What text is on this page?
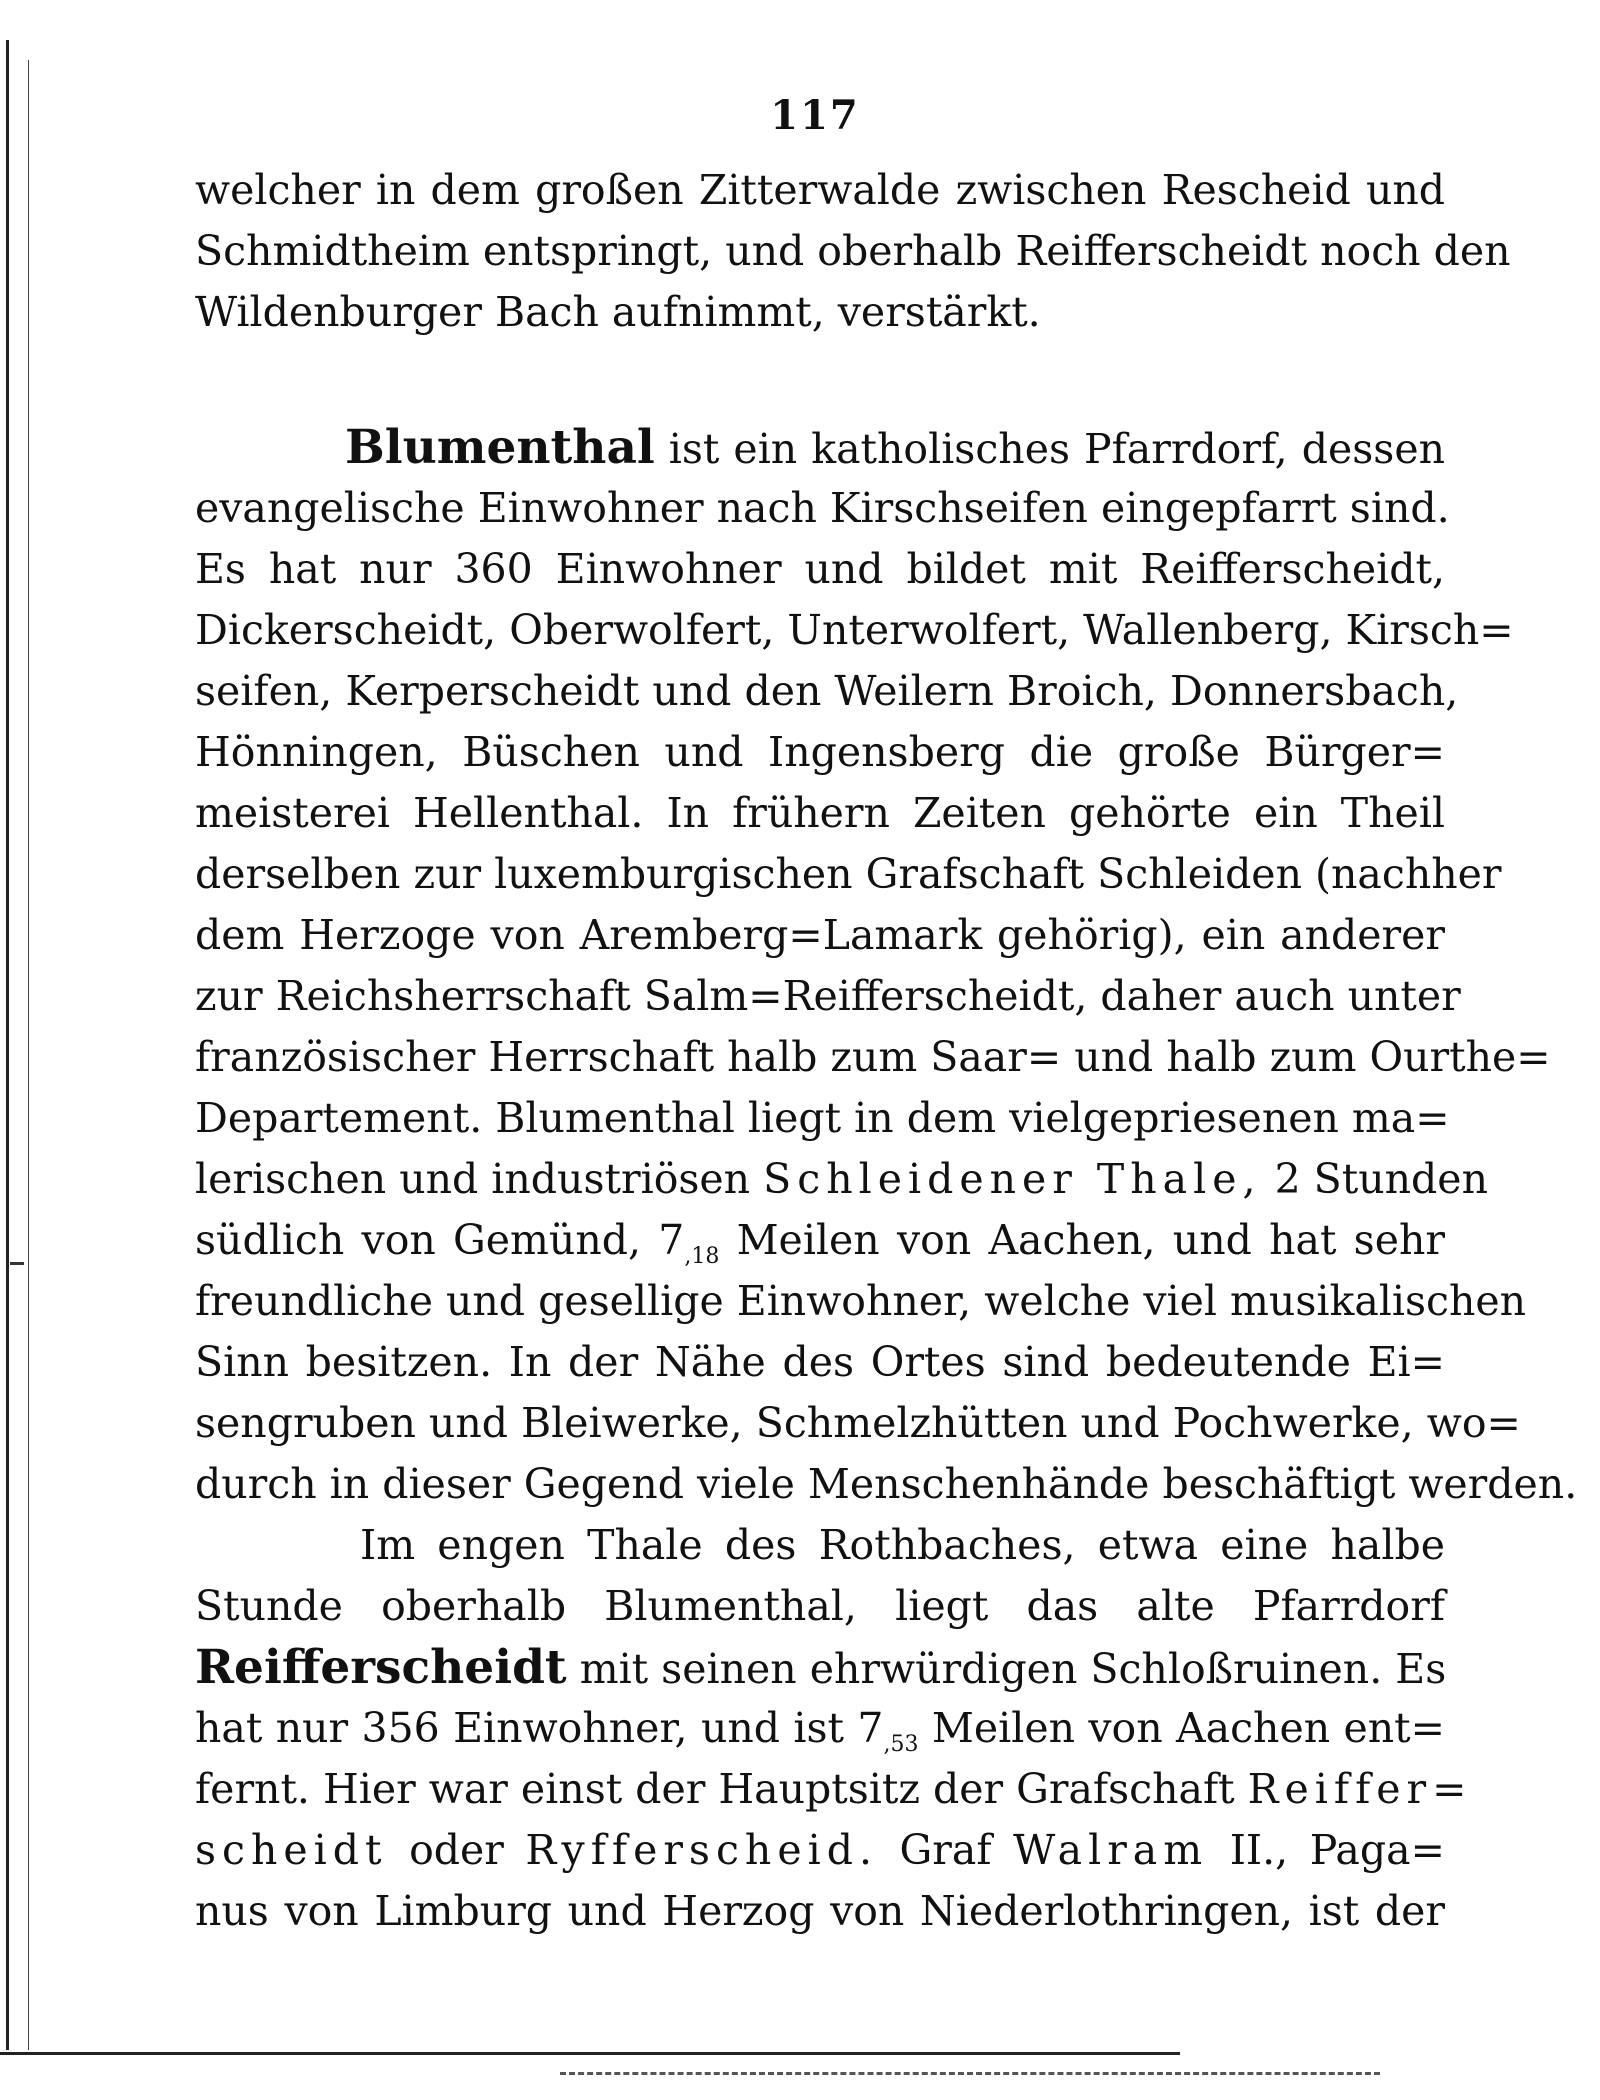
117
welcher in dem großen Zitterwalde zwischen Rescheid und
Schmidtheim entspringt, und oberhalb Reifferscheidt noch den
Wildenburger Bach aufnimmt, verstärkt.
Blumenthal ist ein katholisches Pfarrdorf, dessen
evangelische Einwohner nach Kirschseifen eingepfarrt sind.
Es hat nur 360 Einwohner und bildet mit Reifferscheidt,
Dickerscheidt, Oberwolfert, Unterwolfert, Wallenberg, Kirsch=
seifen, Kerperscheidt und den Weilern Broich, Donnersbach,
Hönningen, Büschen und Ingensberg die große Bürger=
meisterei Hellenthal. In frühern Zeiten gehörte ein Theil
derselben zur luxemburgischen Grafschaft Schleiden (nachher
dem Herzoge von Aremberg=Lamark gehörig), ein anderer
zur Reichsherrschaft Salm=Reifferscheidt, daher auch unter
französischer Herrschaft halb zum Saar= und halb zum Ourthe=
Departement. Blumenthal liegt in dem vielgepriesenen ma=
lerischen und industriösen Schleidener Thale, 2 Stunden
südlich von Gemünd, $7_{,18}$ Meilen von Aachen, und hat sehr
freundliche und gesellige Einwohner, welche viel musikalischen
Sinn besitzen. In der Nähe des Ortes sind bedeutende Ei=
sengruben und Bleiwerke, Schmelzhütten und Pochwerke, wo=
durch in dieser Gegend viele Menschenhände beschäftigt werden.
Im engen Thale des Rothbaches, etwa eine halbe
Stunde oberhalb Blumenthal, liegt das alte Pfarrdorf
Reifferscheidt mit seinen ehrwürdigen Schloßruinen. Es
hat nur 356 Einwohner, und ist $7_{,53}$ Meilen von Aachen ent=
fernt. Hier war einst der Hauptsitz der Grafschaft Reiffer=
scheidt oder Ryfferscheid. Graf Walram II., Paga=
nus von Limburg und Herzog von Niederlothringen, ist der
